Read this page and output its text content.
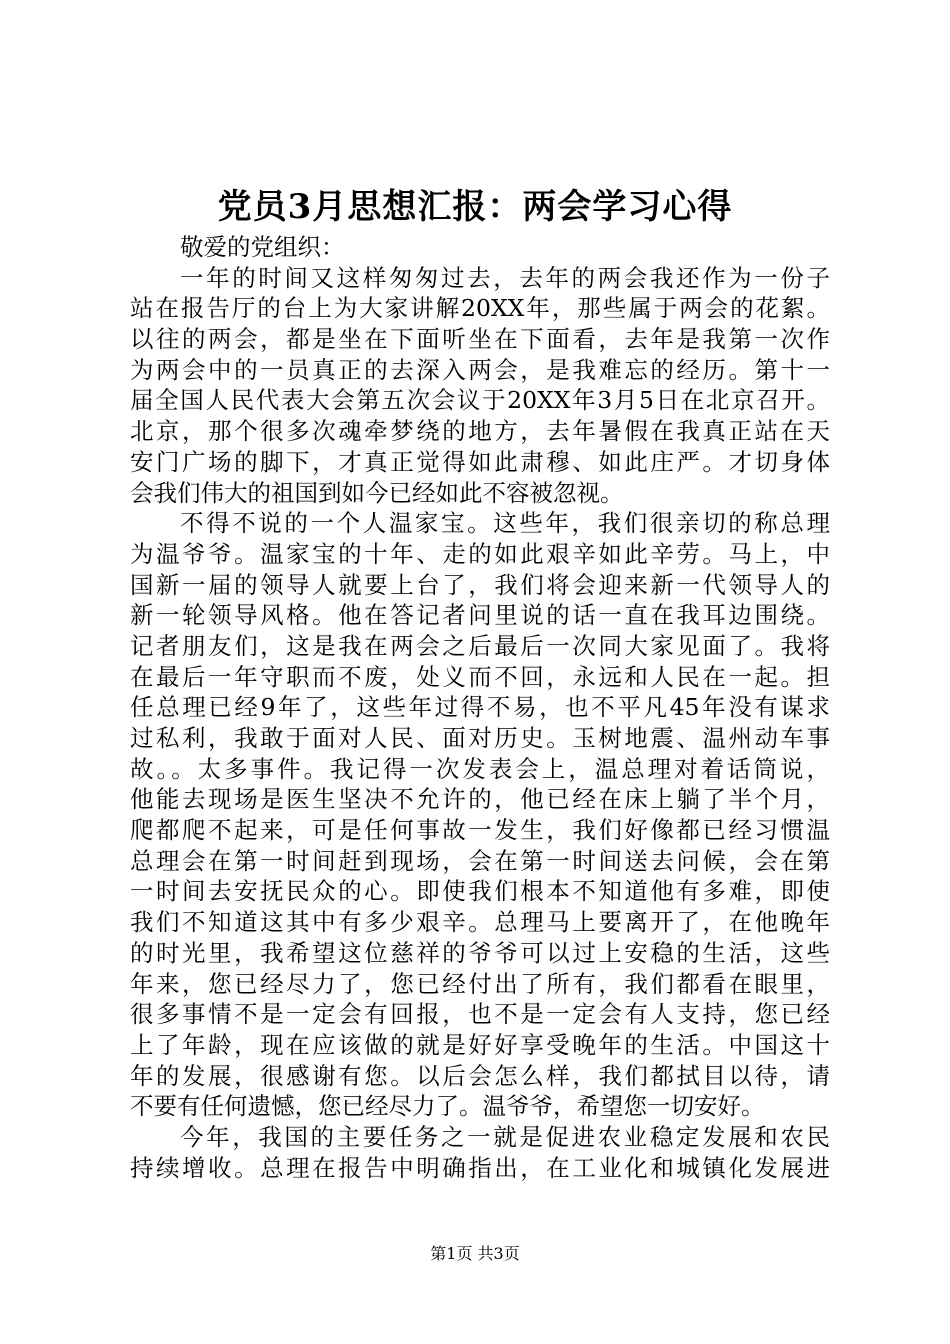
党员3月思想汇报：两会学习心得
敬爱的党组织：
一年的时间又这样匆匆过去，去年的两会我还作为一份子
站在报告厅的台上为大家讲解20XX年，那些属于两会的花絮。
以往的两会，都是坐在下面听坐在下面看，去年是我第一次作
为两会中的一员真正的去深入两会，是我难忘的经历。第十一
届全国人民代表大会第五次会议于20XX年3月5日在北京召开。
北京，那个很多次魂牵梦绕的地方，去年暑假在我真正站在天
安门广场的脚下，才真正觉得如此肃穆、如此庄严。才切身体
会我们伟大的祖国到如今已经如此不容被忽视。
不得不说的一个人温家宝。这些年，我们很亲切的称总理
为温爷爷。温家宝的十年、走的如此艰辛如此辛劳。马上，中
国新一届的领导人就要上台了，我们将会迎来新一代领导人的
新一轮领导风格。他在答记者问里说的话一直在我耳边围绕。
记者朋友们，这是我在两会之后最后一次同大家见面了。我将
在最后一年守职而不废，处义而不回，永远和人民在一起。担
任总理已经9年了，这些年过得不易，也不平凡45年没有谋求
过私利，我敢于面对人民、面对历史。玉树地震、温州动车事
故。。太多事件。我记得一次发表会上，温总理对着话筒说，
他能去现场是医生坚决不允许的，他已经在床上躺了半个月，
爬都爬不起来，可是任何事故一发生，我们好像都已经习惯温
总理会在第一时间赶到现场，会在第一时间送去问候，会在第
一时间去安抚民众的心。即使我们根本不知道他有多难，即使
我们不知道这其中有多少艰辛。总理马上要离开了，在他晚年
的时光里，我希望这位慈祥的爷爷可以过上安稳的生活，这些
年来，您已经尽力了，您已经付出了所有，我们都看在眼里，
很多事情不是一定会有回报，也不是一定会有人支持，您已经
上了年龄，现在应该做的就是好好享受晚年的生活。中国这十
年的发展，很感谢有您。以后会怎么样，我们都拭目以待，请
不要有任何遗憾，您已经尽力了。温爷爷，希望您一切安好。
今年，我国的主要任务之一就是促进农业稳定发展和农民
持续增收。总理在报告中明确指出，在工业化和城镇化发展进
第1页 共3页
